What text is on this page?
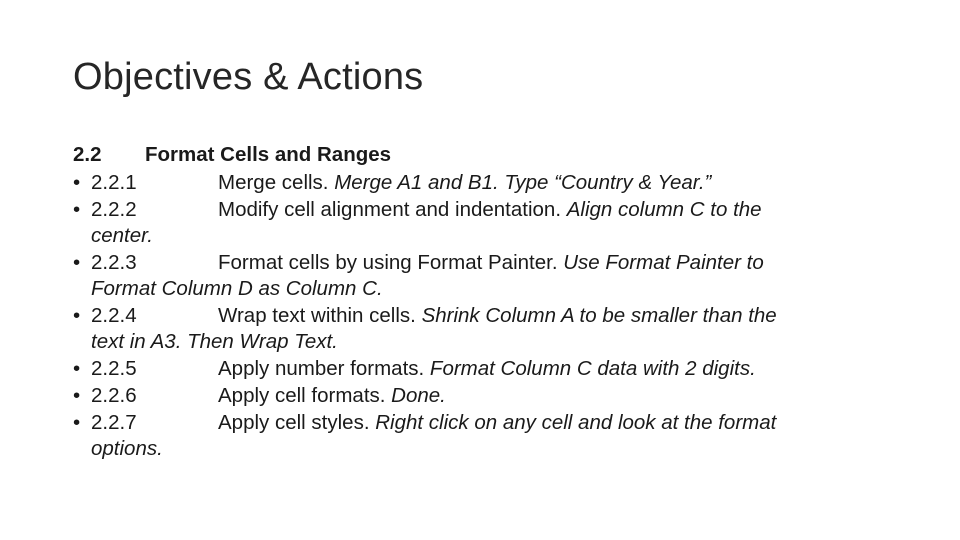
Objectives & Actions
2.2	Format Cells and Ranges
• 2.2.1	Merge cells. Merge A1 and B1. Type “Country & Year.”
• 2.2.2	Modify cell alignment and indentation. Align column C to the
center.
• 2.2.3	Format cells by using Format Painter. Use Format Painter to
Format Column D as Column C.
• 2.2.4	Wrap text within cells. Shrink Column A to be smaller than the
text in A3. Then Wrap Text.
• 2.2.5	Apply number formats. Format Column C data with 2 digits.
• 2.2.6	Apply cell formats. Done.
• 2.2.7	Apply cell styles. Right click on any cell and look at the format
options.
